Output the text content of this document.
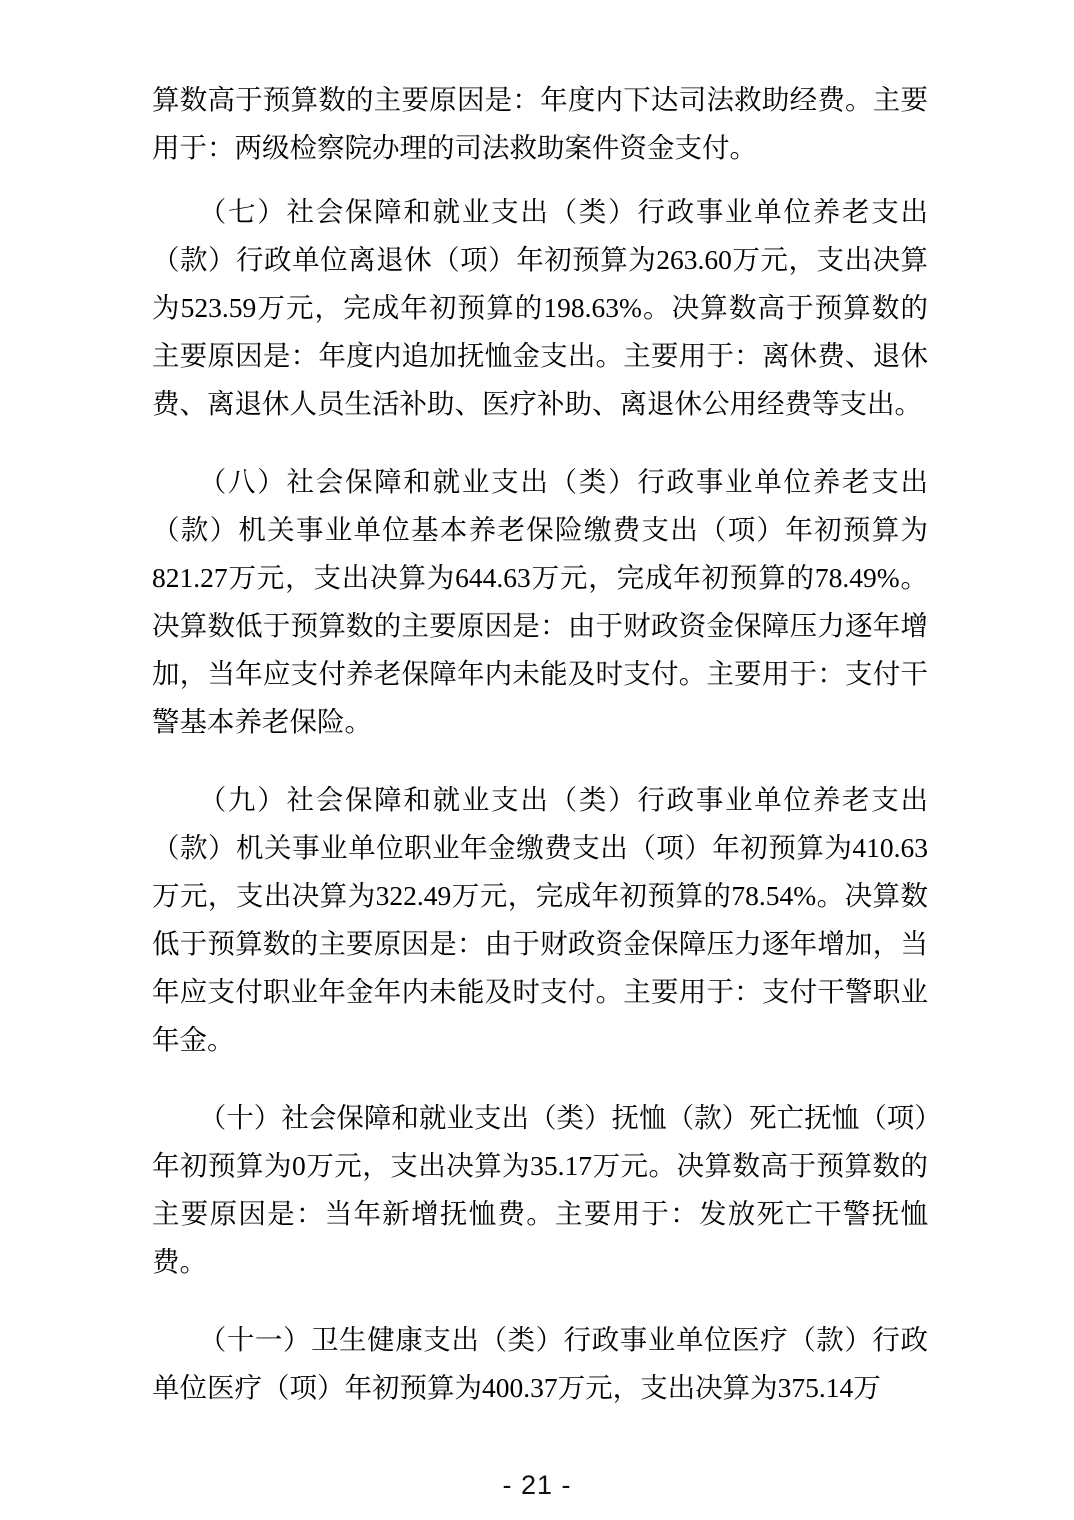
算数高于预算数的主要原因是：年度内下达司法救助经费。主要用于：两级检察院办理的司法救助案件资金支付。

（七）社会保障和就业支出（类）行政事业单位养老支出（款）行政单位离退休（项）年初预算为263.60万元，支出决算为523.59万元，完成年初预算的198.63%。决算数高于预算数的主要原因是：年度内追加抚恤金支出。主要用于：离休费、退休费、离退休人员生活补助、医疗补助、离退休公用经费等支出。

（八）社会保障和就业支出（类）行政事业单位养老支出（款）机关事业单位基本养老保险缴费支出（项）年初预算为821.27万元，支出决算为644.63万元，完成年初预算的78.49%。决算数低于预算数的主要原因是：由于财政资金保障压力逐年增加，当年应支付养老保障年内未能及时支付。主要用于：支付干警基本养老保险。

（九）社会保障和就业支出（类）行政事业单位养老支出（款）机关事业单位职业年金缴费支出（项）年初预算为410.63万元，支出决算为322.49万元，完成年初预算的78.54%。决算数低于预算数的主要原因是：由于财政资金保障压力逐年增加，当年应支付职业年金年内未能及时支付。主要用于：支付干警职业年金。

（十）社会保障和就业支出（类）抚恤（款）死亡抚恤（项）年初预算为0万元，支出决算为35.17万元。决算数高于预算数的主要原因是：当年新增抚恤费。主要用于：发放死亡干警抚恤费。

（十一）卫生健康支出（类）行政事业单位医疗（款）行政单位医疗（项）年初预算为400.37万元，支出决算为375.14万

- 21 -
